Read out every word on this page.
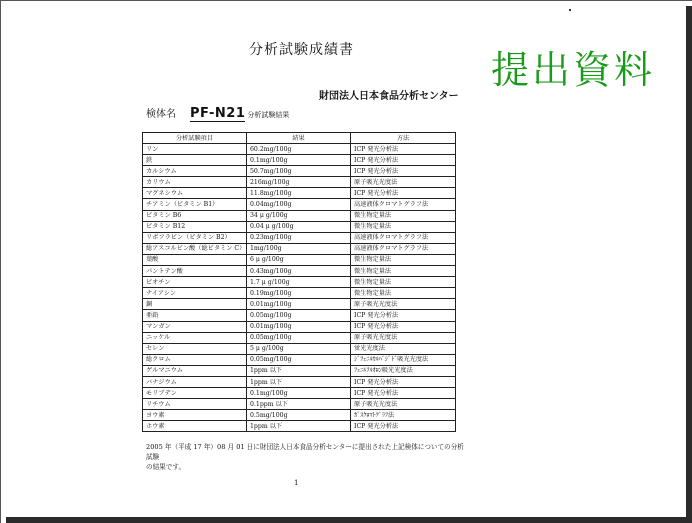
分析試験成績書	提出資料
財団法人日本食品分析センター
検体名 PF-N21 分析試験結果
分析試験項目	結果	方法
リン	60.2mg/100g	ICP 発光分析法
鉄	0.1mg/100g	ICP 発光分析法
カルシウム	50.7mg/100g	ICP 発光分析法
カリウム	216mg/100g	原子吸光光度法
マグネシウム	11.8mg/100g	ICP 発光分析法
チアミン（ビタミン B1）	0.04mg/100g	高速液体クロマトグラフ法
ビタミン B6	34 μ g/100g	微生物定量法
ビタミン B12	0.04 μ g/100g	微生物定量法
リボフラビン（ビタミン B2）	0.23mg/100g	高速液体クロマトグラフ法
総アスコルビン酸（総ビタミン C）	1mg/100g	高速液体クロマトグラフ法
葉酸	6 μ g/100g	微生物定量法
パントテン酸	0.43mg/100g	微生物定量法
ビオチン	1.7 μ g/100g	微生物定量法
ナイアシン	0.19mg/100g	微生物定量法
銅	0.01mg/100g	原子吸光光度法
亜鉛	0.05mg/100g	ICP 発光分析法
マンガン	0.01mg/100g	ICP 発光分析法
ニッケル	0.05mg/100g	原子吸光光度法
セレン	5 μ g/100g	蛍光光度法
総クロム	0.05mg/100g	ｼﾞﾌｪﾆﾙｶﾙﾊﾞｼﾞﾄﾞ吸光光度法
ゲルマニウム	1ppm 以下	ﾌｪﾆﾙﾌﾙｵﾛﾝ吸光光度法
バナジウム	1ppm 以下	ICP 発光分析法
モリブデン	0.1mg/100g	ICP 発光分析法
リチウム	0.1ppm 以下	原子吸光光度法
ヨウ素	0.5mg/100g	ｶﾞｽｸﾛﾏﾄｸﾞﾗﾌ法
ホウ素	1ppm 以下	ICP 発光分析法
2005 年（平成 17 年）08 月 01 日に財団法人日本食品分析センターに提出された上記検体についての分析試験
の結果です。
1
